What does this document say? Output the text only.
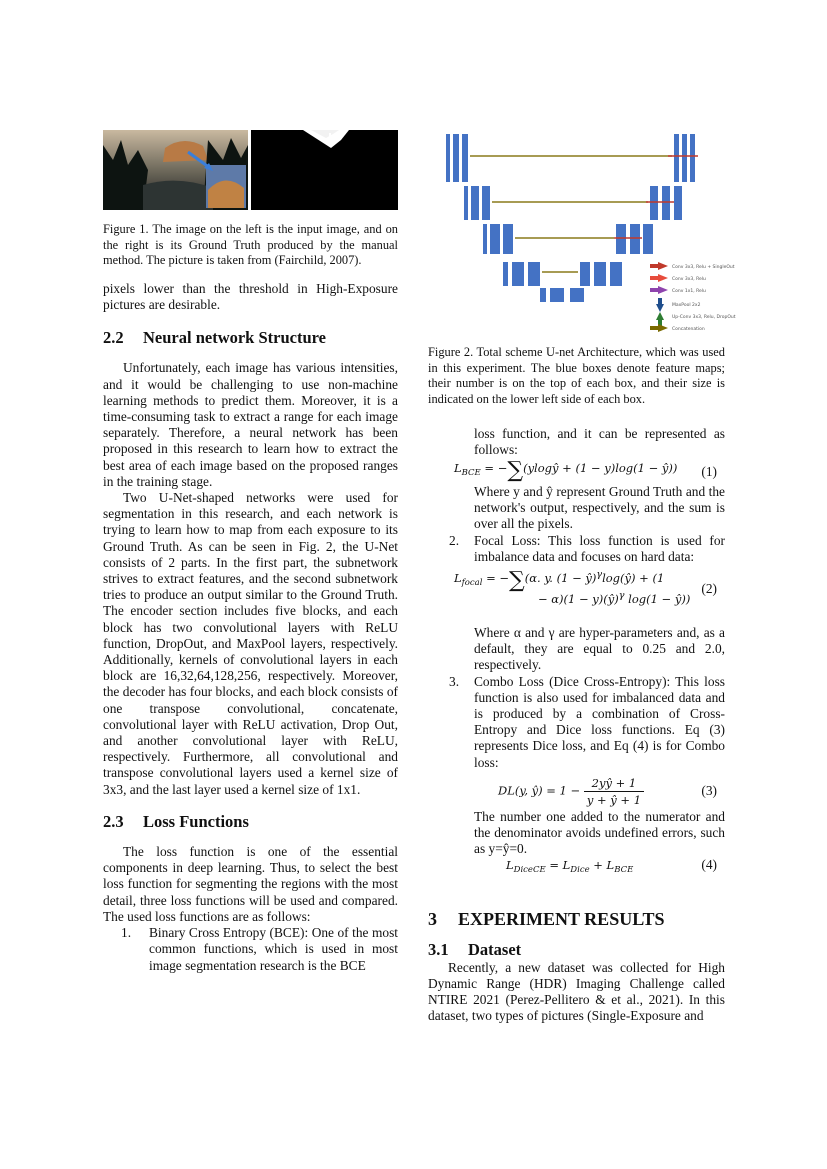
Figure 1. The image on the left is the input image, and on the right is its Ground Truth produced by the manual method. The picture is taken from (Fairchild, 2007).

pixels lower than the threshold in High-Exposure pictures are desirable.

2.2 Neural network Structure

Unfortunately, each image has various intensities, and it would be challenging to use non-machine learning methods to predict them. Moreover, it is a time-consuming task to extract a range for each image separately. Therefore, a neural network has been proposed in this research to learn how to extract the best area of each image based on the proposed ranges in the training stage.

Two U-Net-shaped networks were used for segmentation in this research, and each network is trying to learn how to map from each exposure to its Ground Truth. As can be seen in Fig. 2, the U-Net consists of 2 parts. In the first part, the subnetwork strives to extract features, and the second subnetwork tries to produce an output similar to the Ground Truth. The encoder section includes five blocks, and each block has two convolutional layers with ReLU function, DropOut, and MaxPool layers, respectively. Additionally, kernels of convolutional layers in each block are 16,32,64,128,256, respectively. Moreover, the decoder has four blocks, and each block consists of one transpose convolutional, concatenate, convolutional layer with ReLU activation, Drop Out, and another convolutional layer with ReLU, respectively. Furthermore, all convolutional and transpose convolutional layers used a kernel size of 3x3, and the last layer used a kernel size of 1x1.

2.3 Loss Functions

The loss function is one of the essential components in deep learning. Thus, to select the best loss function for segmenting the regions with the most detail, three loss functions will be used and compared. The used loss functions are as follows:

1. Binary Cross Entropy (BCE): One of the most common functions, which is used in most image segmentation research is the BCE
Conv 3x3, Relu + SingleOut
Conv 3x3, Relu
Conv 1x1, Relu
MaxPool 2x2
Up-Conv 3x3, Relu, DropOut
Concatenation

Figure 2. Total scheme U-net Architecture, which was used in this experiment. The blue boxes denote feature maps; their number is on the top of each box, and their size is indicated on the lower left side of each box.

loss function, and it can be represented as follows:
$L_{BCE}$ = −∑(ylogŷ + (1 − y)log(1 − ŷ)) (1)
Where y and ŷ represent Ground Truth and the network's output, respectively, and the sum is over all the pixels.
2. Focal Loss: This loss function is used for imbalance data and focuses on hard data:
$L_{focal} = -\sum(\alpha$. y. (1 − ŷ)$^\gamma$log(ŷ) + (1
− α)(1 − y)(ŷ)$^\gamma$ log(1 − ŷ))
(2)
Where α and γ are hyper-parameters and, as a default, they are equal to 0.25 and 2.0, respectively.
3. Combo Loss (Dice Cross-Entropy): This loss function is also used for imbalanced data and is produced by a combination of Cross-Entropy and Dice loss functions. Eq (3) represents Dice loss, and Eq (4) is for Combo loss:
DL(y, ŷ) = $1 - \frac{2yŷ + 1}{y + ŷ + 1}$	(3)
The number one added to the numerator and the denominator avoids undefined errors, such as y=ŷ=0.
$L_{DiceCE} = L_{Dice} + L_{BCE}$	(4)
3 EXPERIMENT RESULTS
3.1 Dataset

Recently, a new dataset was collected for High Dynamic Range (HDR) Imaging Challenge called NTIRE 2021 (Perez-Pellitero & et al., 2021). In this dataset, two types of pictures (Single-Exposure and
